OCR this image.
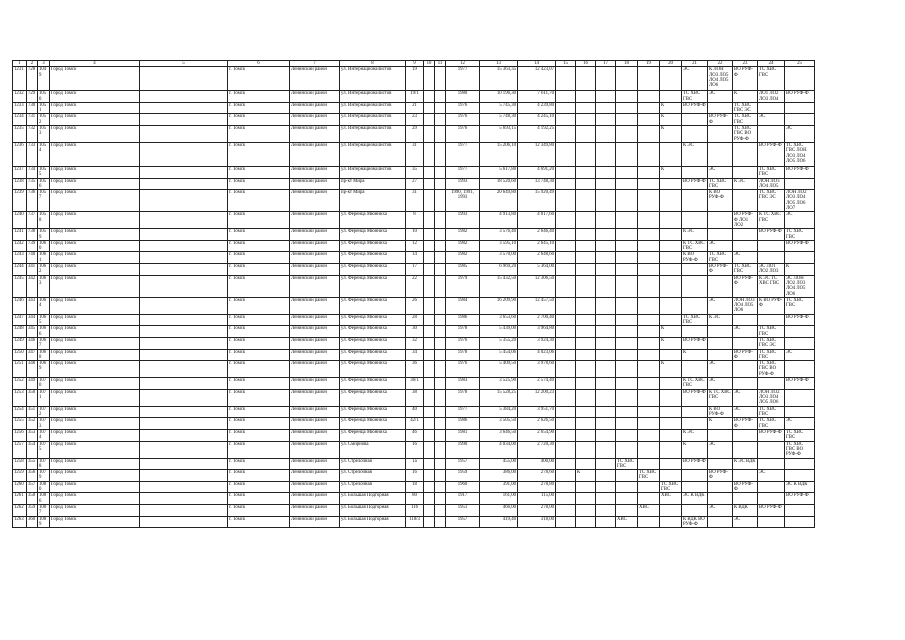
1	2	3	4	5	6	7	8	9	10	11	12	13	14	15	16	17	18	19	20	21	22	23	24	25
1231	728	1049	Город Томск		г. Томск	Ленинский район	ул. Интернационалистов	19			1977	15 363,35	12 423,07							ЭС	К ЛОН ЛО3 ЛО5 ЛО4 ЛО5 ЛО6	ВО РУФ-Ф	ТС ХВС ГВС	
1232	729	1050	Город Томск		г. Томск	Ленинский район	ул. Интернационалистов	19/1			1980	10 196,30	7 611,70							ТС ХВС ГВС	ЭС	К	ЛО1 ЛО2 ЛО3 ЛО4	ВО РУФ-Ф
1233	730	1051	Город Томск		г. Томск	Ленинский район	ул. Интернационалистов	21			1976	5 745,30	4 239,80						К	ВО РУФ-Ф		ТС ХВС ГВС ЭС		
1234	731	1052	Город Томск		г. Томск	Ленинский район	ул. Интернационалистов	23			1976	5 748,30	4 245,10						К		ВО РУФ-Ф	ТС ХВС ГВС	ЭС	
1235	732	1053	Город Томск		г. Томск	Ленинский район	ул. Интернационалистов	29			1976	5 693,15	4 192,25						К			ТС ХВС ГВС ВО РУФ-Ф		ЭС
1236	733	1054	Город Томск		г. Томск	Ленинский район	ул. Интернационалистов	31			1977	15 206,10	12 349,80							К ЭС			ВО РУФ-Ф	ТС ХВС ГВС ЛОН ЛО3 ЛО4 ЛО5 ЛО6
1237	734	1055	Город Томск		г. Томск	Ленинский район	ул. Интернационалистов	35			1977	5 617,80	4 691,20						К		ЭС		ТС ХВС ГВС	ВО РУФ-Ф
1238	735	1056	Город Томск		г. Томск	Ленинский район	пр-кт Мира	27			1993	18 520,60	13 748,30							ВО РУФ-Ф	ТС ХВС ГВС	К ЭС	ЛОН ЛО3 ЛО4 ЛО5	
1239	736	1057	Город Томск		г. Томск	Ленинский район	пр-кт Мира	31			1990, 1991, 1993	20 649,80	15 920,49								К ВО РУФ-Ф		ТС ХВС ГВС ЭС	ЛОН ЛО2 ЛО3 ЛО4 ЛО5 ЛО6 ЛО7
1240	737	1058	Город Томск		г. Томск	Ленинский район	ул. Ференца Мюнниха	8			1993	4 913,80	4 017,60									ВО РУФ-Ф ЛО1 ЛО2	К ТС ХВС ГВС	ЭС
1241	738	1059	Город Томск		г. Томск	Ленинский район	ул. Ференца Мюнниха	10			1982	3 576,40	2 646,40							К ЭС			ВО РУФ-Ф	ТС ХВС ГВС
1242	739	1060	Город Томск		г. Томск	Ленинский район	ул. Ференца Мюнниха	12			1982	3 595,10	2 645,10							К ТС ХВС ГВС	ЭС			ВО РУФ-Ф
1243	740	1061	Город Томск		г. Томск	Ленинский район	ул. Ференца Мюнниха	14			1982	3 570,00	2 648,60							К ВО РУФ-Ф	ТС ХВС ГВС	ЭС		
1244	341	1062	Город Томск		г. Томск	Ленинский район	ул. Ференца Мюнниха	17			1985	6 969,20	5 364,00								ВО РУФ-Ф	ТС ХВС ГВС	ЭС ЛО1 ЛО2 ЛО3	К
1245	342	1063	Город Томск		г. Томск	Ленинский район	ул. Ференца Мюнниха	22			1979	15 432,50	12 306,50									ВО РУФ-Ф	К ЭС ТС ХВС ГВС	ЭС ЛОН ЛО2 ЛО3 ЛО4 ЛО5 ЛО6
1246	343	1064	Город Томск		г. Томск	Ленинский район	ул. Ференца Мюнниха	26			1984	16 209,90	12 457,50								ЭС	ЛОН ЛО3 ЛО4 ЛО5 ЛО6	К ВО РУФ-Ф	ТС ХВС ГВС
1247	344	1065	Город Томск		г. Томск	Ленинский район	ул. Ференца Мюнниха	28			1986	3 653,60	2 700,40							ТС ХВС ГВС	К ЭС			ВО РУФ-Ф
1248	345	1066	Город Томск		г. Томск	Ленинский район	ул. Ференца Мюнниха	30			1978	5 439,00	3 964,80						К			ЭС	ТС ХВС ГВС	
1249	346	1067	Город Томск		г. Томск	Ленинский район	ул. Ференца Мюнниха	32			1976	5 355,20	3 924,30						К	ВО РУФ-Ф			ТС ХВС ГВС ЭС	
1250	347	1068	Город Томск		г. Томск	Ленинский район	ул. Ференца Мюнниха	34			1978	5 454,06	4 023,06							К		ВО РУФ-Ф	ТС ХВС ГВС	ЭС
1251	348	1069	Город Томск		г. Томск	Ленинский район	ул. Ференца Мюнниха	36			1976	5 409,50	3 978,60						К		ЭС		ТС ХВС ГВС ВО РУФ-Ф	
1252	349	1070	Город Томск		г. Томск	Ленинский район	ул. Ференца Мюнниха	36/1			1983	3 525,90	2 574,40							К ТС ХВС ГВС	ЭС			ВО РУФ-Ф
1253	350	1071	Город Томск		г. Томск	Ленинский район	ул. Ференца Мюнниха	38			1978	15 528,25	12 200,23							ВО РУФ-Ф	К ТС ХВС ГВС	ЭС	ЛОН ЛО2 ЛО3 ЛО4 ЛО5 ЛО6	
1254	351	1072	Город Томск		г. Томск	Ленинский район	ул. Ференца Мюнниха	40			1977	5 384,20	3 951,70								К ВО РУФ-Ф	ЭС	ТС ХВС ГВС	
1255	352	1073	Город Томск		г. Томск	Ленинский район	ул. Ференца Мюнниха	42/1			1986	3 505,50	2 626,50								К	ВО РУФ-Ф	ТС ХВС ГВС	ЭС
1256	353	1074	Город Томск		г. Томск	Ленинский район	ул. Ференца Мюнниха	46			1981	3 646,50	2 654,90							К ЭС			ВО РУФ-Ф	ТС ХВС ГВС
1257	354	1075	Город Томск		г. Томск	Ленинский район	ул. Смирнова	16			1990	4 034,00	2 720,30							К	ЭС			ТС ХВС ГВС ВО РУФ-Ф
1258	355	1078	Город Томск		г. Томск	Ленинский район	ул. Стрелочная	1а			1957	455,00	400,00				ТС ХВС ГВС			ВО РУФ-Ф		К ЭС ВДК		
1259	356	1079	Город Томск		г. Томск	Ленинский район	ул. Стрелочная	16			1959	386,00	278,60		К			ТС ХВС ГВС			ВО РУФ-Ф		ЭС	
1260	357	1080	Город Томск		г. Томск	Ленинский район	ул. Стрелочная	18			1960	391,00	278,80						ТС ХВС ГВС			ВО РУФ-Ф		ЭС К ВДК
1261	358	1086	Город Томск		г. Томск	Ленинский район	ул. Большая Подгорная	80			1917	161,00	115,00						ХВС	ЭС К ВДК				ВО РУФ-Ф
1262	359	1087	Город Томск		г. Томск	Ленинский район	ул. Большая Подгорная	116			1951	466,00	278,00					ХВС			ЭС	К ВДК	ВО РУФ-Ф	
1263	360	1089	Город Томск		г. Томск	Ленинский район	ул. Большая Подгорная	118/3			1957	419,40	318,00				ХВС			К ВДК ВО РУФ-Ф		ЭС		
